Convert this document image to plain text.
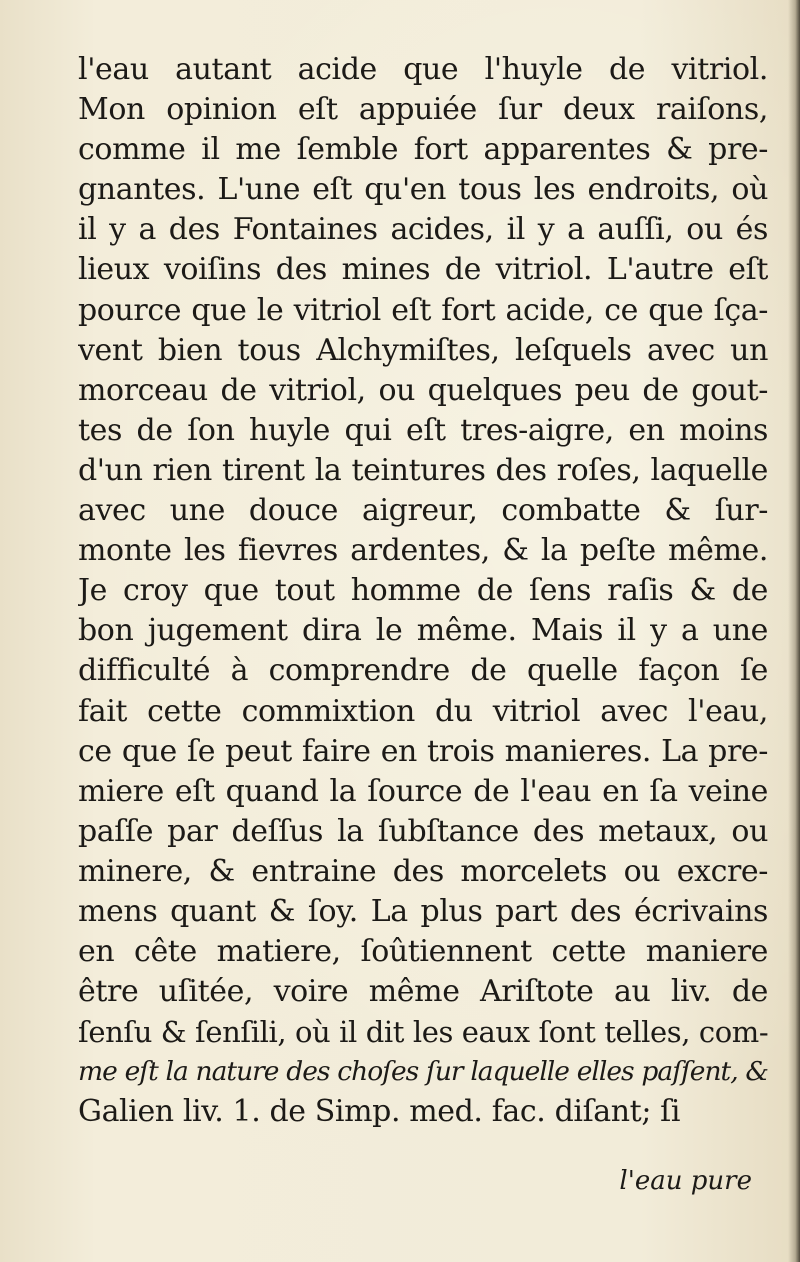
l'eau autant acide que l'huyle de vitriol.
Mon opinion eſt appuiée ſur deux raiſons,
comme il me ſemble fort apparentes & pre-
gnantes. L'une eſt qu'en tous les endroits, où
il y a des Fontaines acides, il y a auſſi, ou és
lieux voiſins des mines de vitriol. L'autre eſt
pource que le vitriol eſt fort acide, ce que ſça-
vent bien tous Alchymiſtes, leſquels avec un
morceau de vitriol, ou quelques peu de gout-
tes de ſon huyle qui eſt tres-aigre, en moins
d'un rien tirent la teintures des roſes, laquelle
avec une douce aigreur, combatte & ſur-
monte les fievres ardentes, & la peſte même.
Je croy que tout homme de ſens raſis & de
bon jugement dira le même. Mais il y a une
difficulté à comprendre de quelle façon ſe
fait cette commixtion du vitriol avec l'eau,
ce que ſe peut faire en trois manieres. La pre-
miere eſt quand la ſource de l'eau en ſa veine
paſſe par deſſus la ſubſtance des metaux, ou
minere, & entraine des morcelets ou excre-
mens quant & ſoy. La plus part des écrivains
en cête matiere, ſoûtiennent cette maniere
être uſitée, voire même Ariſtote au liv. de
ſenſu & ſenſili, où il dit les eaux ſont telles, com-
me eſt la nature des choſes ſur laquelle elles paſſent, &
Galien liv. 1. de Simp. med. fac. diſant; ſi
l'eau pure
